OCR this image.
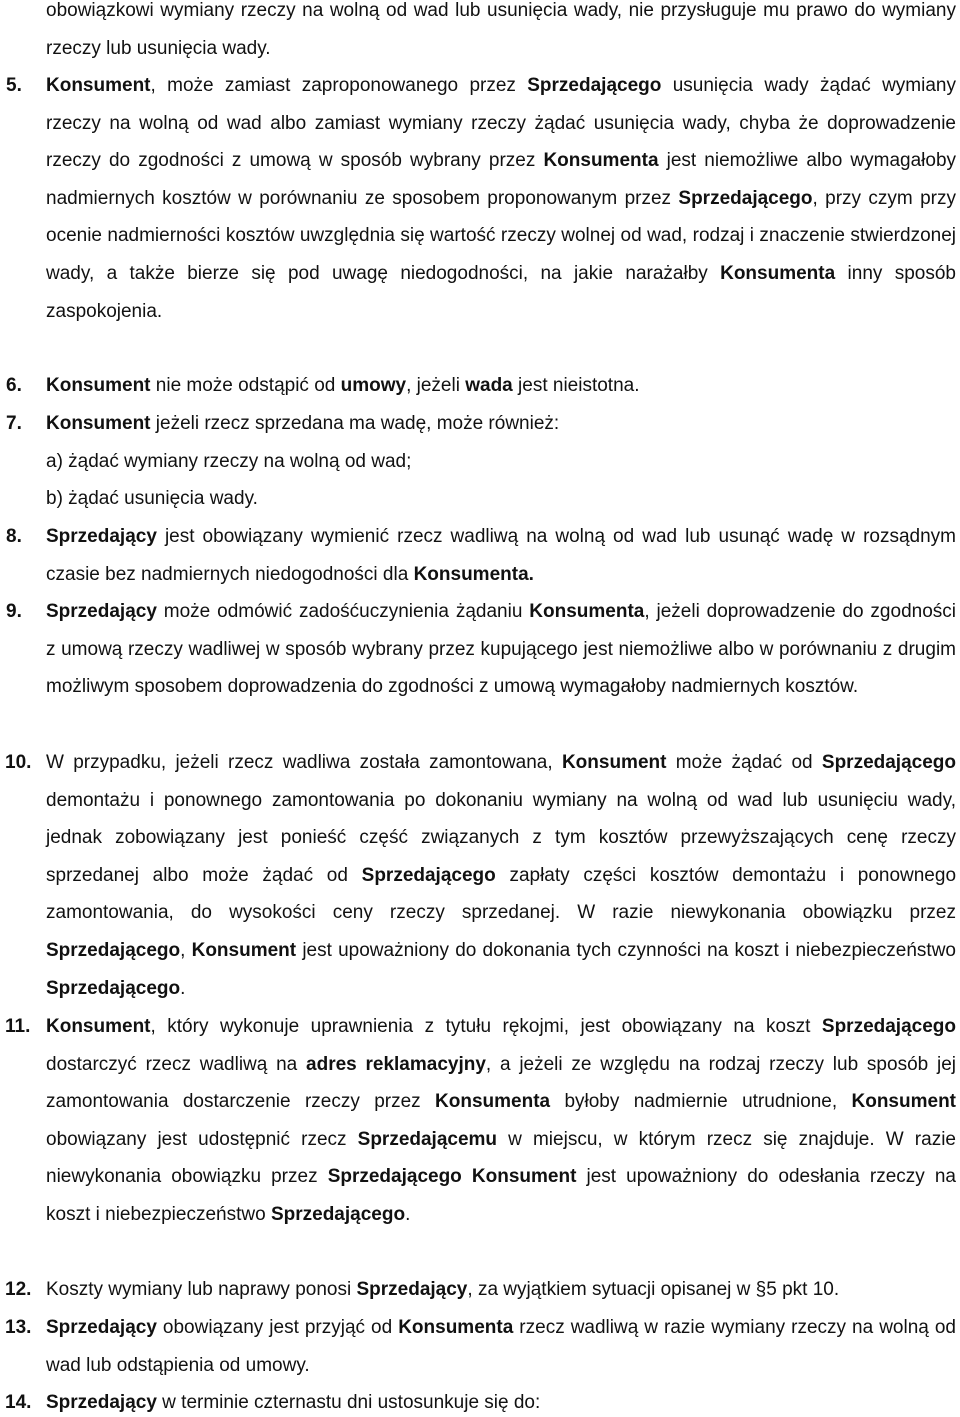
obowiązkowi wymiany rzeczy na wolną od wad lub usunięcia wady, nie przysługuje mu prawo do wymiany rzeczy lub usunięcia wady.
5. Konsument, może zamiast zaproponowanego przez Sprzedającego usunięcia wady żądać wymiany rzeczy na wolną od wad albo zamiast wymiany rzeczy żądać usunięcia wady, chyba że doprowadzenie rzeczy do zgodności z umową w sposób wybrany przez Konsumenta jest niemożliwe albo wymagałoby nadmiernych kosztów w porównaniu ze sposobem proponowanym przez Sprzedającego, przy czym przy ocenie nadmierności kosztów uwzględnia się wartość rzeczy wolnej od wad, rodzaj i znaczenie stwierdzonej wady, a także bierze się pod uwagę niedogodności, na jakie narażałby Konsumenta inny sposób zaspokojenia.
6. Konsument nie może odstąpić od umowy, jeżeli wada jest nieistotna.
7. Konsument jeżeli rzecz sprzedana ma wadę, może również:
a) żądać wymiany rzeczy na wolną od wad;
b) żądać usunięcia wady.
8. Sprzedający jest obowiązany wymienić rzecz wadliwą na wolną od wad lub usunąć wadę w rozsądnym czasie bez nadmiernych niedogodności dla Konsumenta.
9. Sprzedający może odmówić zadośćuczynienia żądaniu Konsumenta, jeżeli doprowadzenie do zgodności z umową rzeczy wadliwej w sposób wybrany przez kupującego jest niemożliwe albo w porównaniu z drugim możliwym sposobem doprowadzenia do zgodności z umową wymagałoby nadmiernych kosztów.
10. W przypadku, jeżeli rzecz wadliwa została zamontowana, Konsument może żądać od Sprzedającego demontażu i ponownego zamontowania po dokonaniu wymiany na wolną od wad lub usunięciu wady, jednak zobowiązany jest ponieść część związanych z tym kosztów przewyższających cenę rzeczy sprzedanej albo może żądać od Sprzedającego zapłaty części kosztów demontażu i ponownego zamontowania, do wysokości ceny rzeczy sprzedanej. W razie niewykonania obowiązku przez Sprzedającego, Konsument jest upoważniony do dokonania tych czynności na koszt i niebezpieczeństwo Sprzedającego.
11. Konsument, który wykonuje uprawnienia z tytułu rękojmi, jest obowiązany na koszt Sprzedającego dostarczyć rzecz wadliwą na adres reklamacyjny, a jeżeli ze względu na rodzaj rzeczy lub sposób jej zamontowania dostarczenie rzeczy przez Konsumenta byłoby nadmiernie utrudnione, Konsument obowiązany jest udostępnić rzecz Sprzedającemu w miejscu, w którym rzecz się znajduje. W razie niewykonania obowiązku przez Sprzedającego Konsument jest upoważniony do odesłania rzeczy na koszt i niebezpieczeństwo Sprzedającego.
12. Koszty wymiany lub naprawy ponosi Sprzedający, za wyjątkiem sytuacji opisanej w §5 pkt 10.
13. Sprzedający obowiązany jest przyjąć od Konsumenta rzecz wadliwą w razie wymiany rzeczy na wolną od wad lub odstąpienia od umowy.
14. Sprzedający w terminie czternastu dni ustosunkuje się do:
